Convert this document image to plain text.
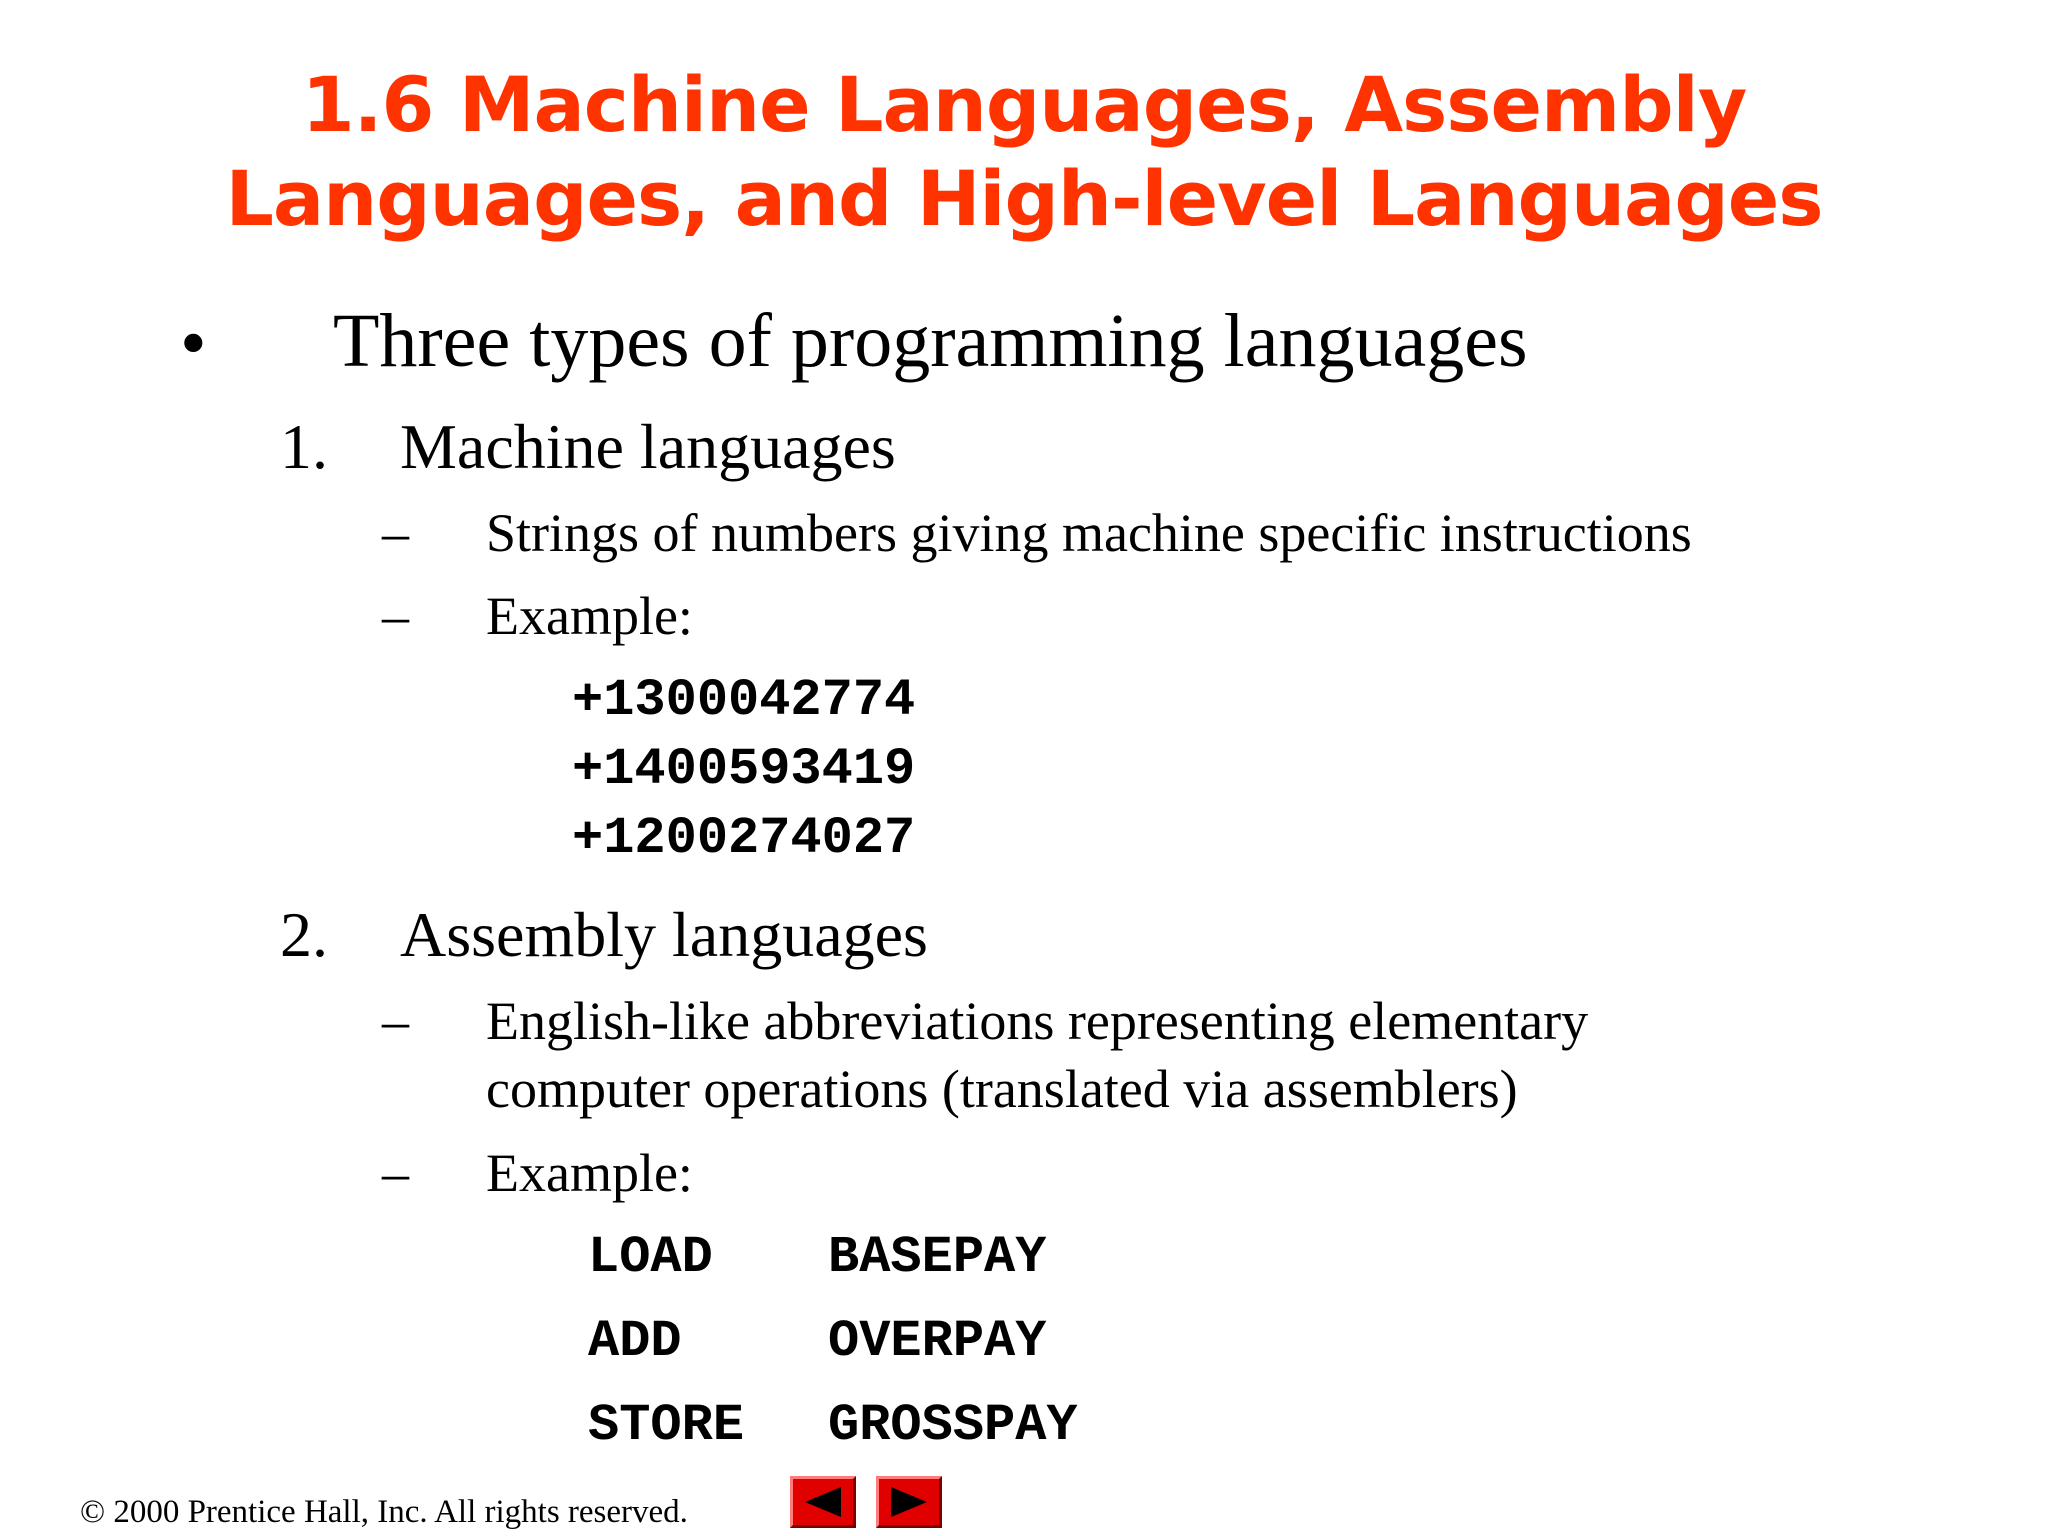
1.6 Machine Languages, Assembly
Languages, and High-level Languages
• Three types of programming languages
1. Machine languages
– Strings of numbers giving machine specific instructions
– Example:
+1300042774
+1400593419
+1200274027
2. Assembly languages
– English-like abbreviations representing elementary
computer operations (translated via assemblers)
– Example:
LOAD BASEPAY
ADD	OVERPAY
STORE GROSSPAY
© 2000 Prentice Hall, Inc. All rights reserved.
